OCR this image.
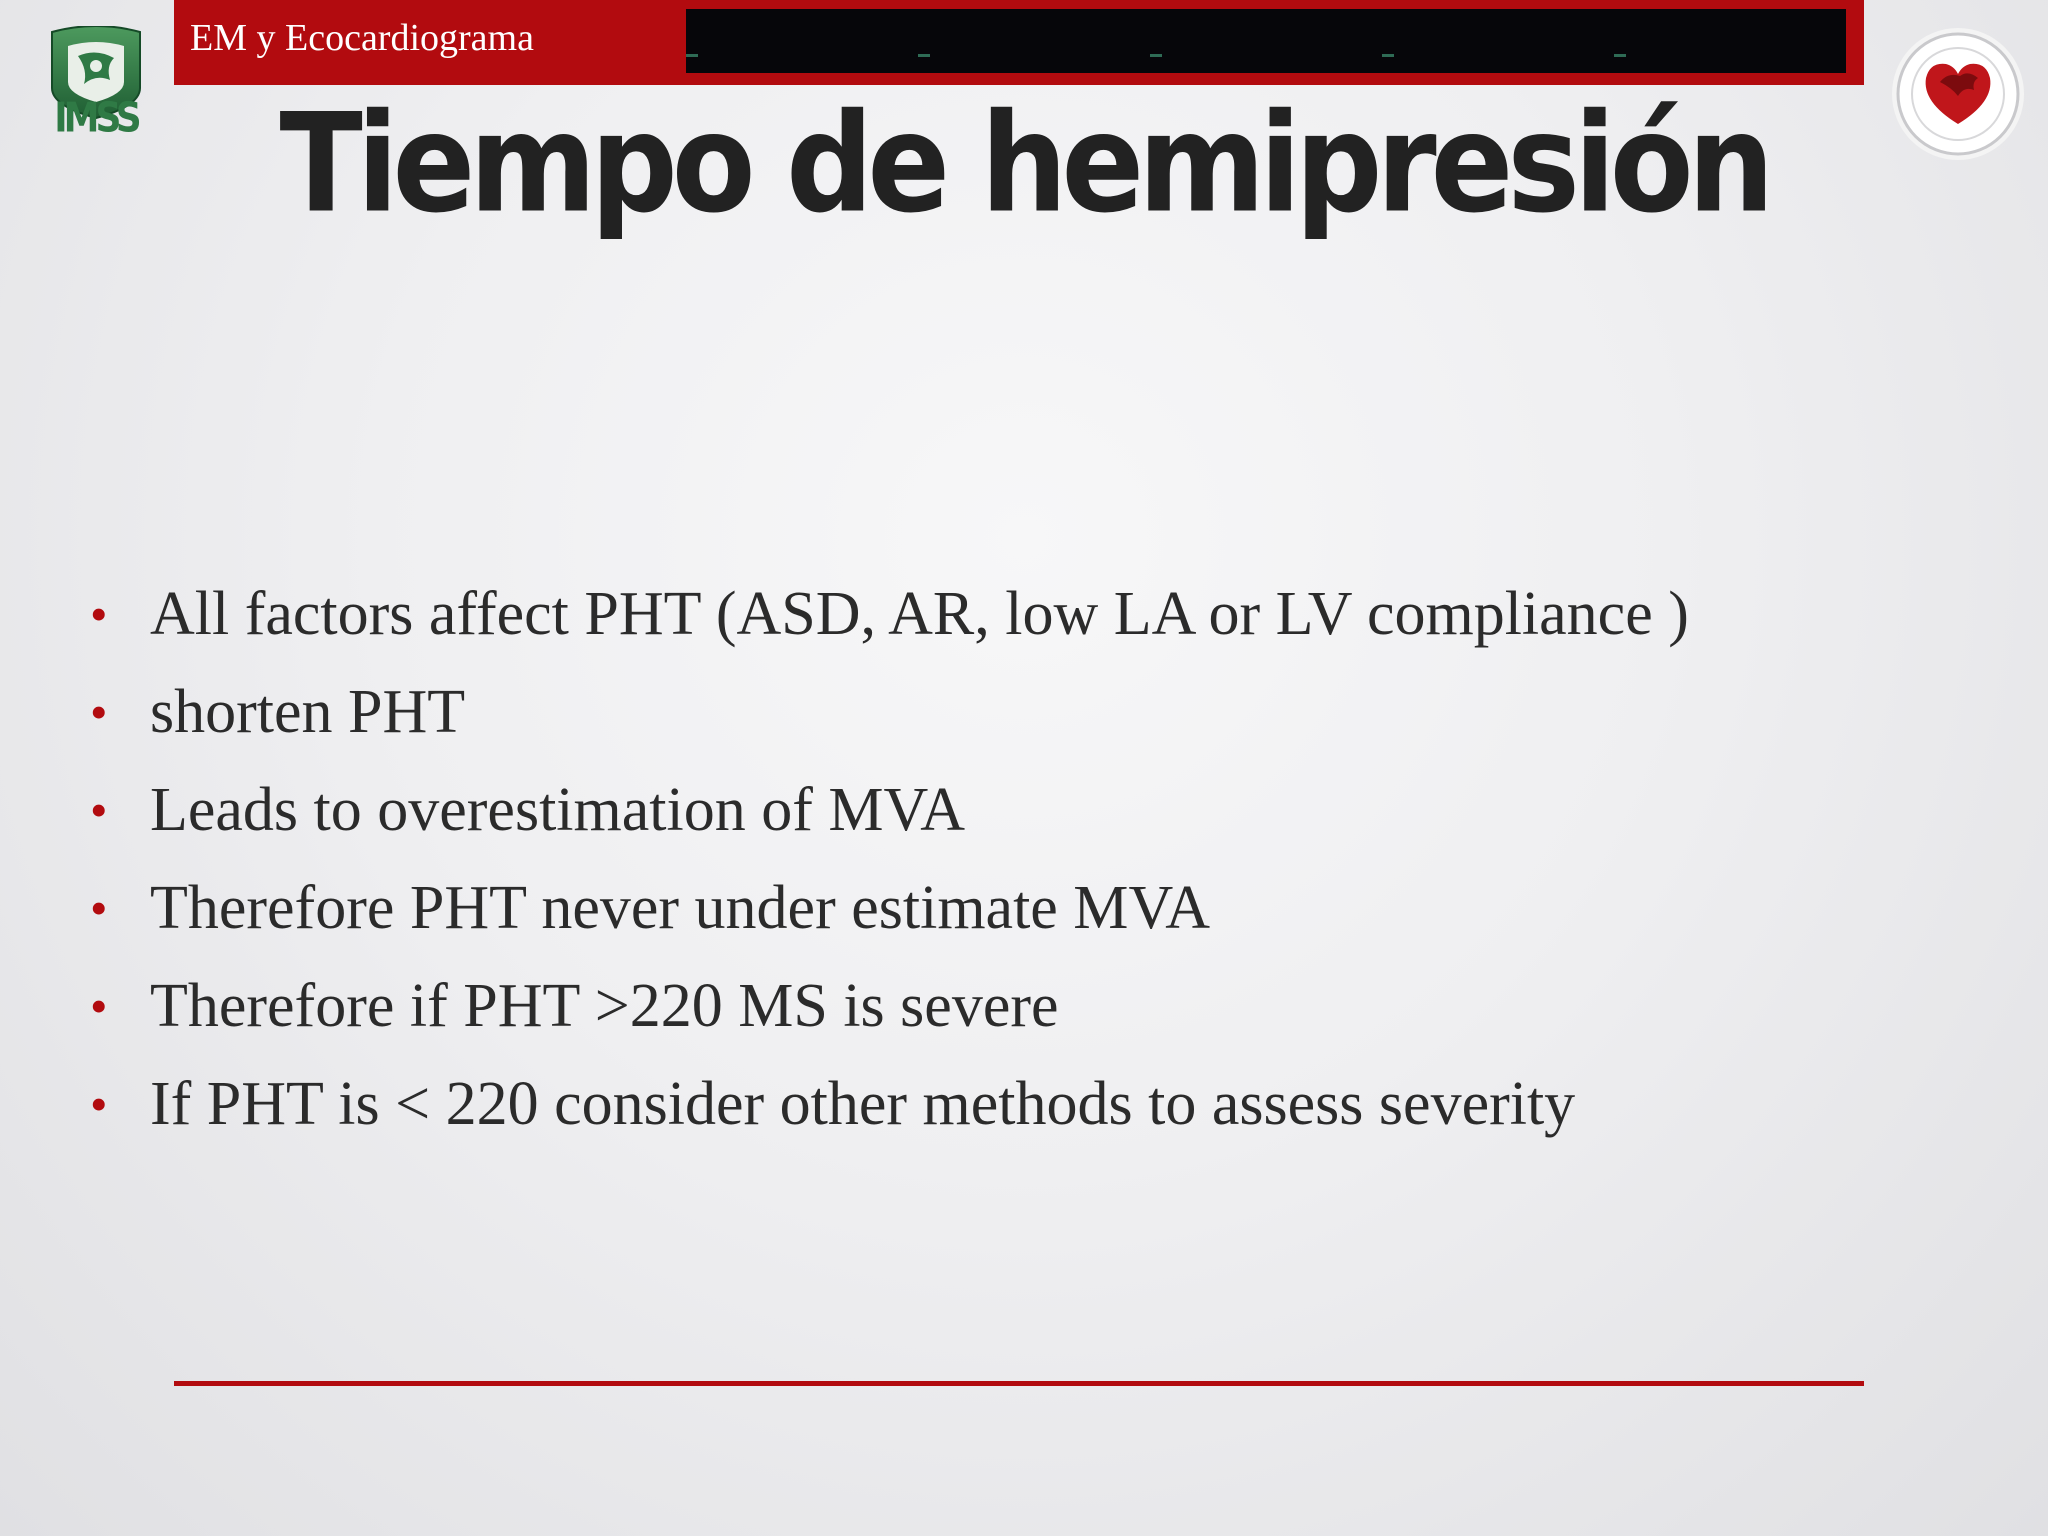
EM y Ecocardiograma
IMSS	Tiempo de hemipresión
• All factors affect PHT (ASD, AR, low LA or LV compliance )
• shorten PHT
• Leads to overestimation of MVA
• Therefore PHT never under estimate MVA
• Therefore if PHT >220 MS is severe
• If PHT is < 220 consider other methods to assess severity
